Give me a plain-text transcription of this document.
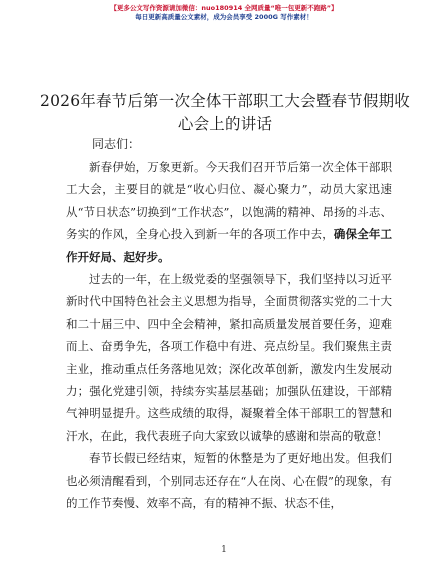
【更多公文写作资源请加微信：nuo180914 全网质量“唯一包更新不跑路”】
每日更新高质量公文素材，成为会员享受 2000G 写作素材！
2026年春节后第一次全体干部职工大会暨春节假期收心会上的讲话
同志们：

新春伊始，万象更新。今天我们召开节后第一次全体干部职工大会，主要目的就是“收心归位、凝心聚力”，动员大家迅速从“节日状态”切换到“工作状态”，以饱满的精神、昂扬的斗志、务实的作风，全身心投入到新一年的各项工作中去，确保全年工作开好局、起好步。

过去的一年，在上级党委的坚强领导下，我们坚持以习近平新时代中国特色社会主义思想为指导，全面贯彻落实党的二十大和二十届三中、四中全会精神，紧扣高质量发展首要任务，迎难而上、奋勇争先，各项工作稳中有进、亮点纷呈。我们聚焦主责主业，推动重点任务落地见效；深化改革创新，激发内生发展动力；强化党建引领，持续夯实基层基础；加强队伍建设，干部精气神明显提升。这些成绩的取得，凝聚着全体干部职工的智慧和汗水，在此，我代表班子向大家致以诚挚的感谢和崇高的敬意！

春节长假已经结束，短暂的休整是为了更好地出发。但我们也必须清醒看到，个别同志还存在“人在岗、心在假”的现象，有的工作节奏慢、效率不高，有的精神不振、状态不佳，

1
